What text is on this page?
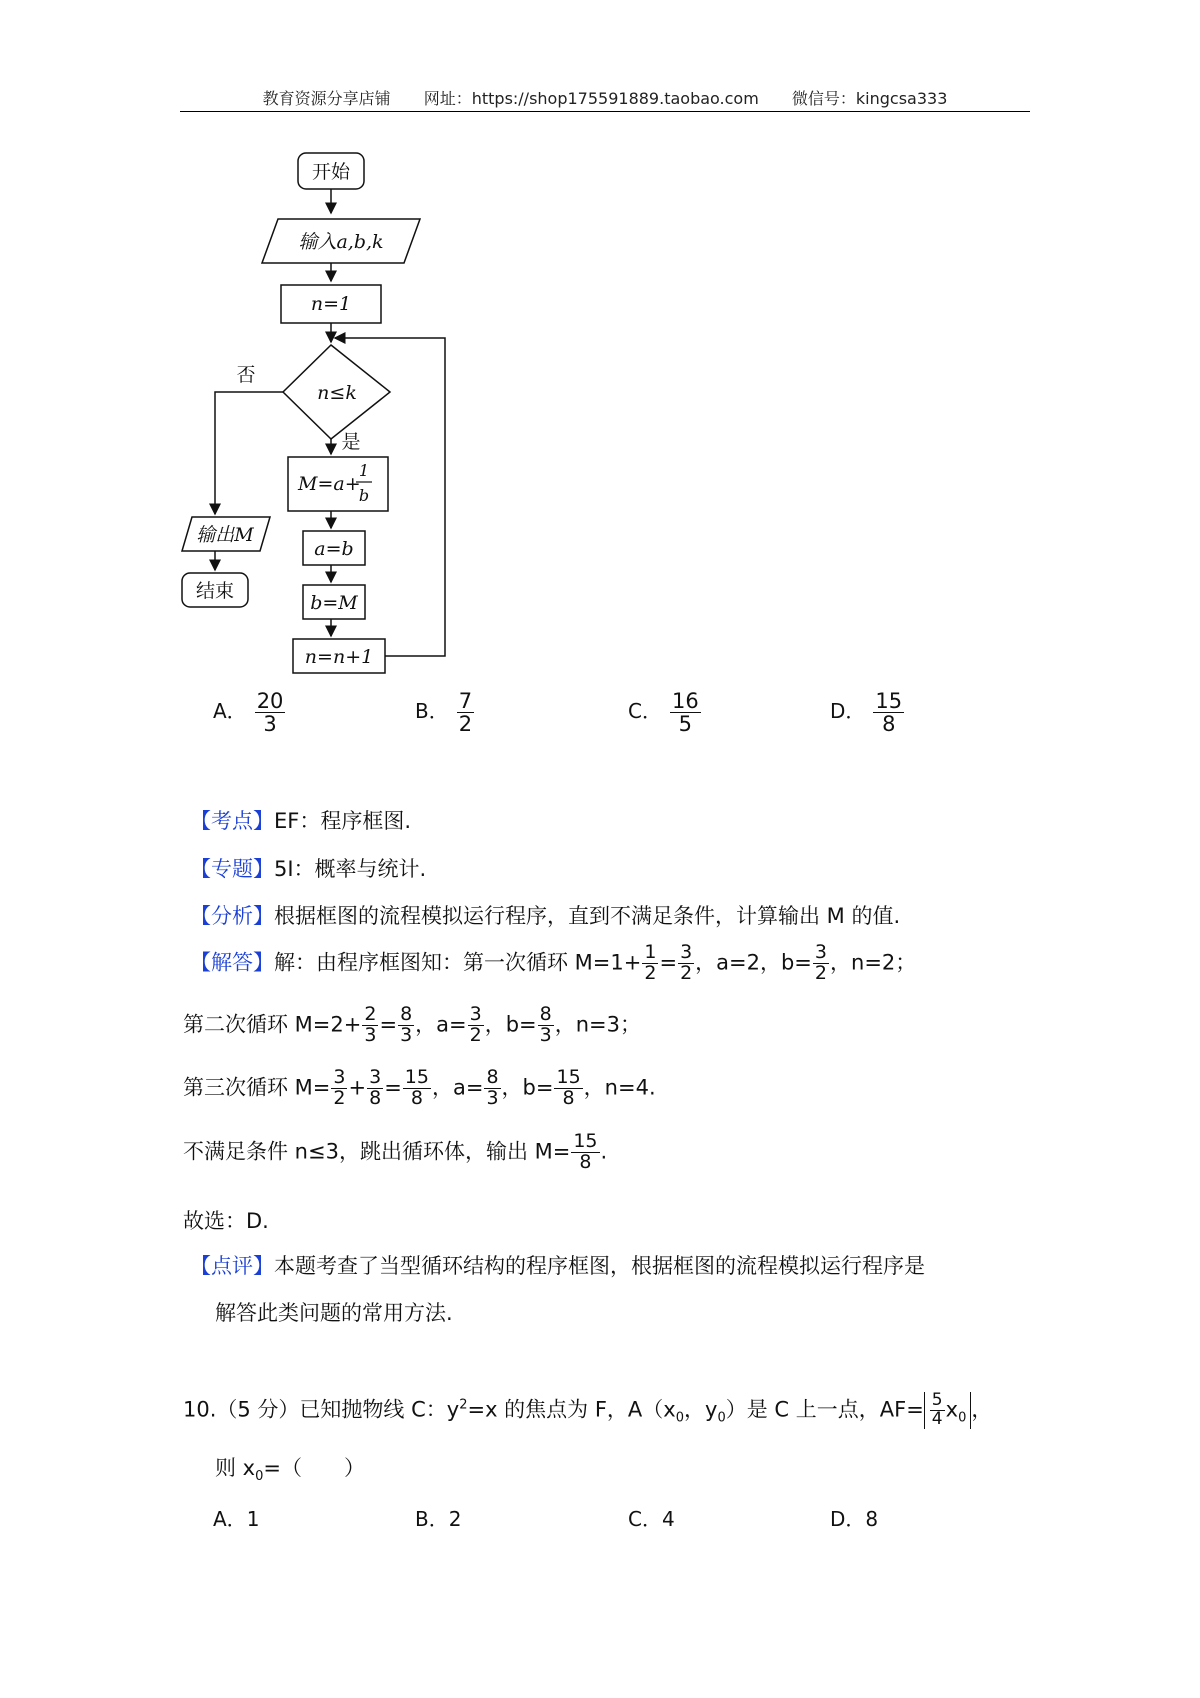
教育资源分享店铺 网址：https://shop175591889.taobao.com 微信号：kingcsa333
开始
输入a,b,k
n=1
n≤k
否
是
M=a+
1
b
a=b
b=M
n=n+1
输出M
结束
A． $\frac{20}{3}$	B． $\frac{7}{2}$	C． $\frac{16}{5}$	D． $\frac{15}{8}$
【考点】EF：程序框图.
【专题】5I：概率与统计.
【分析】根据框图的流程模拟运行程序，直到不满足条件，计算输出 M 的值.
【解答】解：由程序框图知：第一次循环 $M=1+ \frac{1}{2} = \frac{3}{2}$ ，a=2，$b= \frac{3}{2}$ ，n=2；
第二次循环 $M=2+ \frac{2}{3} = \frac{8}{3}$ ，$a= \frac{3}{2}$ ，$b= \frac{8}{3}$ ，n=3；
第三次循环 $M= \frac{3}{2} + \frac{3}{8} = \frac{15}{8}$ ，$a= \frac{8}{3}$ ，$b= \frac{15}{8}$ ，n=4.
不满足条件 n≤3，跳出循环体，输出 $M= \frac{15}{8}$ .
故选：D.
【点评】本题考查了当型循环结构的程序框图，根据框图的流程模拟运行程序是
解答此类问题的常用方法.
10.（5 分）已知抛物线 C：$y^2=x$ 的焦点为 F，$A(x_0$，$y_0$）是 C 上一点，$AF= \frac{5}{4} x_0$ ，
则 $x_0=$（　　）
A．1	B．2	C．4	D．8
